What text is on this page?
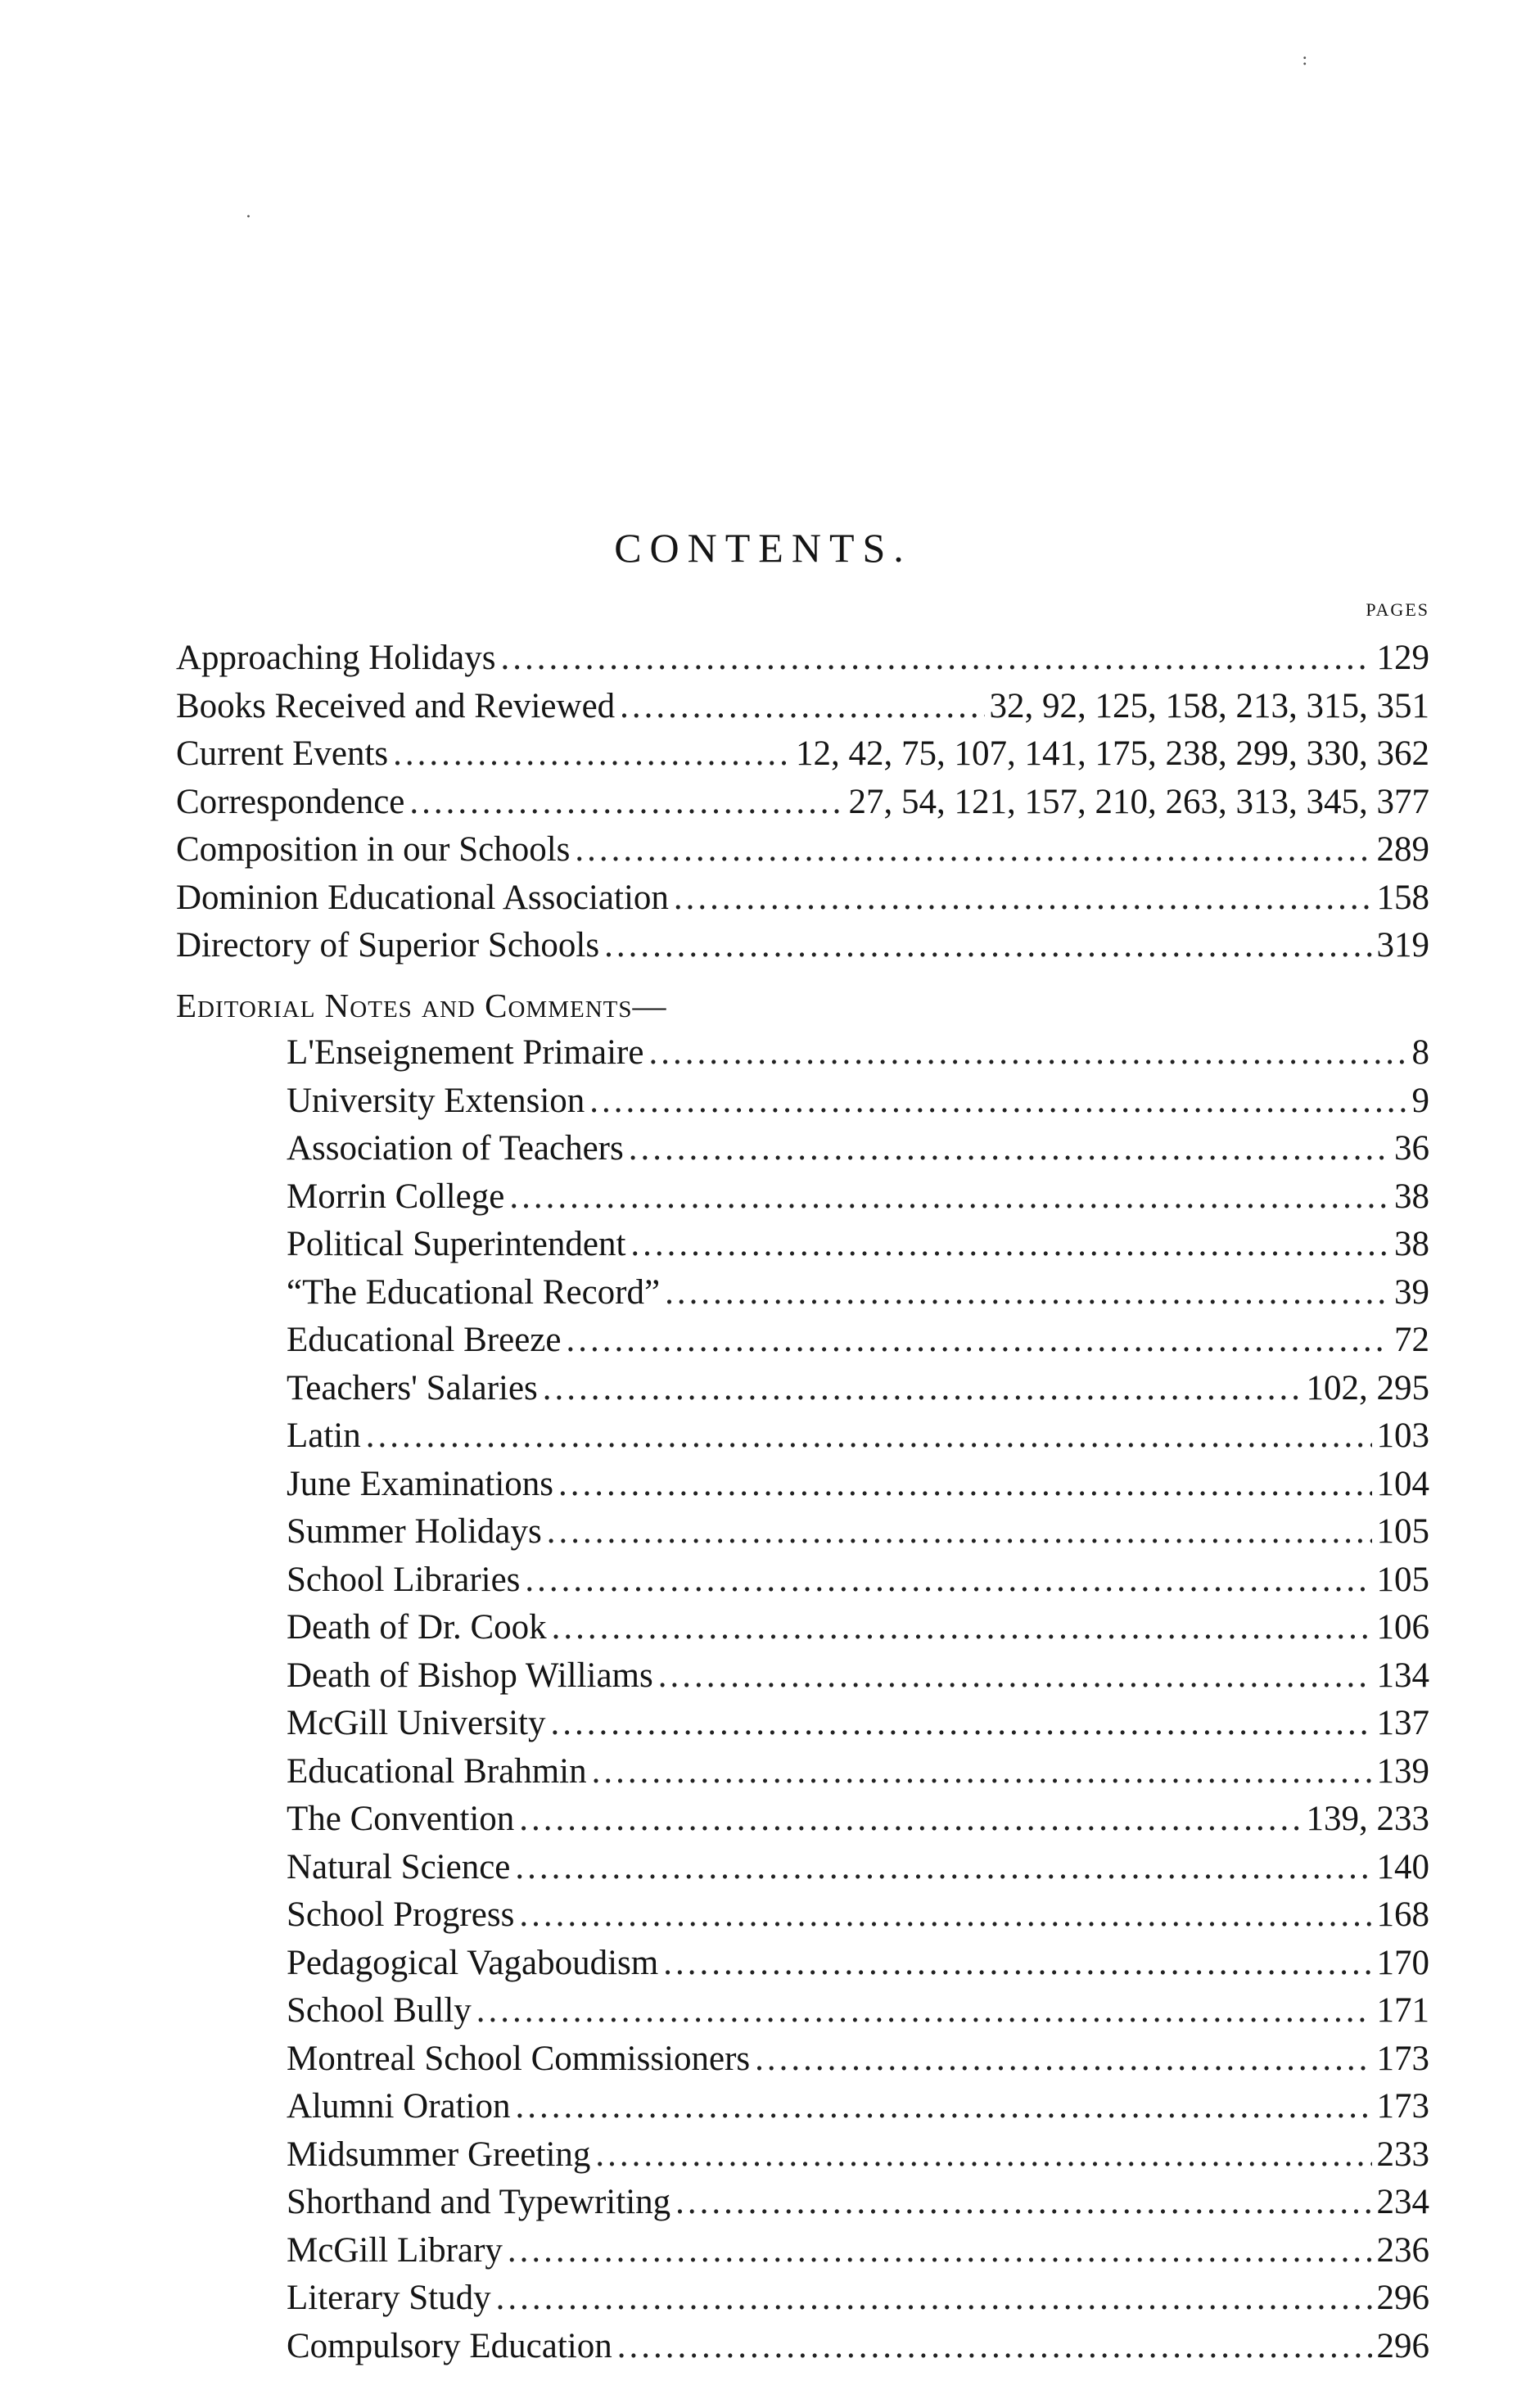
:
·
CONTENTS.
PAGES
Approaching Holidays .....	129
Books Received and Reviewed .....	32, 92, 125, 158, 213, 315, 351
Current Events .....	12, 42, 75, 107, 141, 175, 238, 299, 330, 362
Correspondence .....	27, 54, 121, 157, 210, 263, 313, 345, 377
Composition in our Schools .....	289
Dominion Educational Association .....	158
Directory of Superior Schools .....	319
Editorial Notes and Comments—
L'Enseignement Primaire .....	8
University Extension .....	9
Association of Teachers .....	36
Morrin College .....	38
Political Superintendent .....	38
“The Educational Record” .....	39
Educational Breeze .....	72
Teachers' Salaries .....	102, 295
Latin .....	103
June Examinations .....	104
Summer Holidays .....	105
School Libraries .....	105
Death of Dr. Cook .....	106
Death of Bishop Williams .....	134
McGill University .....	137
Educational Brahmin .....	139
The Convention .....	139, 233
Natural Science .....	140
School Progress .....	168
Pedagogical Vagaboudism .....	170
School Bully .....	171
Montreal School Commissioners .....	173
Alumni Oration .....	173
Midsummer Greeting .....	233
Shorthand and Typewriting .....	234
McGill Library .....	236
Literary Study .....	296
Compulsory Education .....	296
